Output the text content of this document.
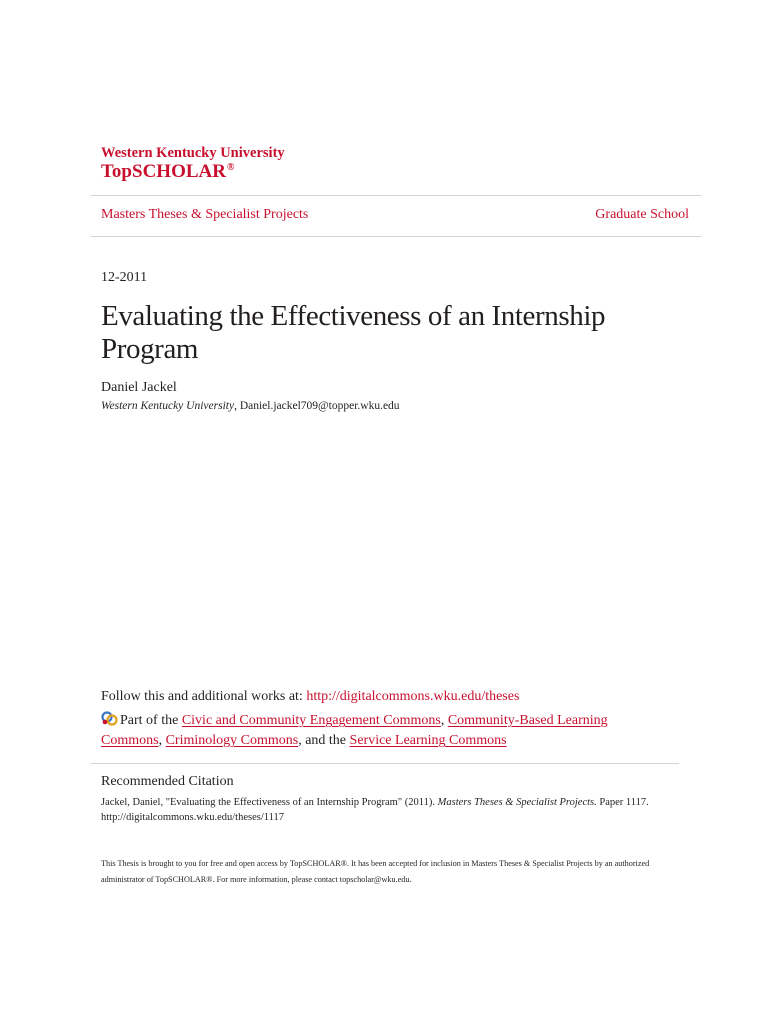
Western Kentucky University
TopSCHOLAR®
Masters Theses & Specialist Projects	Graduate School
12-2011
Evaluating the Effectiveness of an Internship Program
Daniel Jackel
Western Kentucky University, Daniel.jackel709@topper.wku.edu
Follow this and additional works at: http://digitalcommons.wku.edu/theses
Part of the Civic and Community Engagement Commons, Community-Based Learning Commons, Criminology Commons, and the Service Learning Commons
Recommended Citation
Jackel, Daniel, "Evaluating the Effectiveness of an Internship Program" (2011). Masters Theses & Specialist Projects. Paper 1117.
http://digitalcommons.wku.edu/theses/1117
This Thesis is brought to you for free and open access by TopSCHOLAR®. It has been accepted for inclusion in Masters Theses & Specialist Projects by an authorized administrator of TopSCHOLAR®. For more information, please contact topscholar@wku.edu.
